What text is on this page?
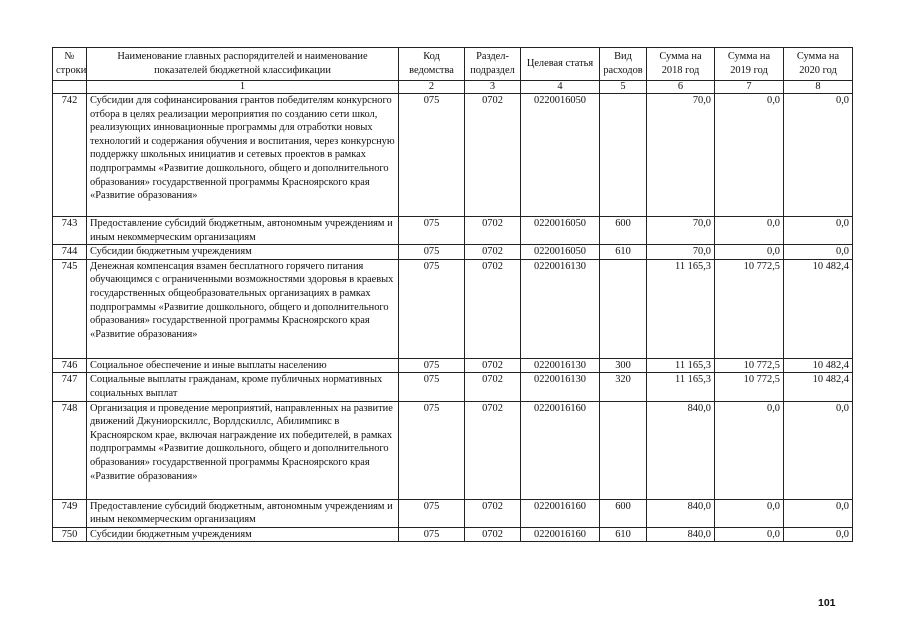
№ строки	Наименование главных распорядителей и наименование показателей бюджетной классификации	Код ведомства	Раздел-подраздел	Целевая статья	Вид расходов	Сумма на 2018 год	Сумма на 2019 год	Сумма на 2020 год
	1	2	3	4	5	6	7	8
742	Субсидии для софинансирования грантов победителям конкурсного отбора в целях реализации мероприятия по созданию сети школ, реализующих инновационные программы для отработки новых технологий и содержания обучения и воспитания, через конкурсную поддержку школьных инициатив и сетевых проектов в рамках подпрограммы «Развитие дошкольного, общего и дополнительного образования» государственной программы Красноярского края «Развитие образования»	075	0702	0220016050		70,0	0,0	0,0
743	Предоставление субсидий бюджетным, автономным учреждениям и иным некоммерческим организациям	075	0702	0220016050	600	70,0	0,0	0,0
744	Субсидии бюджетным учреждениям	075	0702	0220016050	610	70,0	0,0	0,0
745	Денежная компенсация взамен бесплатного горячего питания обучающимся с ограниченными возможностями здоровья в краевых государственных общеобразовательных организациях в рамках подпрограммы «Развитие дошкольного, общего и дополнительного образования» государственной программы Красноярского края «Развитие образования»	075	0702	0220016130		11 165,3	10 772,5	10 482,4
746	Социальное обеспечение и иные выплаты населению	075	0702	0220016130	300	11 165,3	10 772,5	10 482,4
747	Социальные выплаты гражданам, кроме публичных нормативных социальных выплат	075	0702	0220016130	320	11 165,3	10 772,5	10 482,4
748	Организация и проведение мероприятий, направленных на развитие движений Джуниорскиллс, Ворлдскиллс, Абилимпикс в Красноярском крае, включая награждение их победителей, в рамках подпрограммы «Развитие дошкольного, общего и дополнительного образования» государственной программы Красноярского края «Развитие образования»	075	0702	0220016160		840,0	0,0	0,0
749	Предоставление субсидий бюджетным, автономным учреждениям и иным некоммерческим организациям	075	0702	0220016160	600	840,0	0,0	0,0
750	Субсидии бюджетным учреждениям	075	0702	0220016160	610	840,0	0,0	0,0
101
